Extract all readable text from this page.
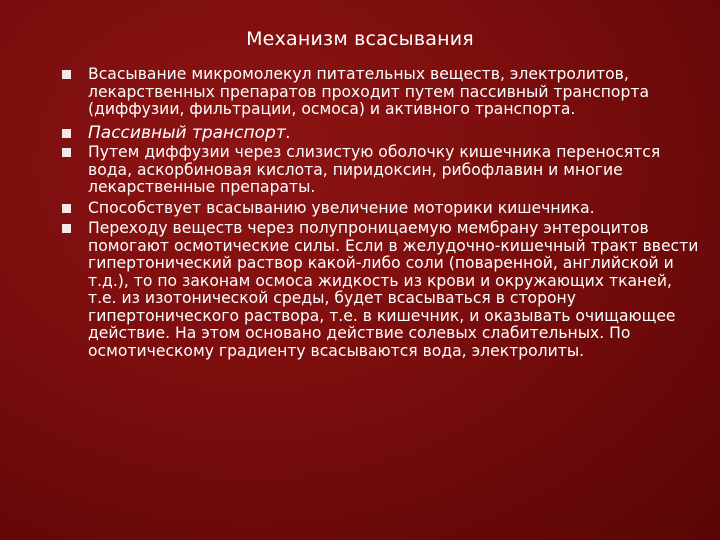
Механизм всасывания
Всасывание микромолекул питательных веществ, электролитов, лекарственных препаратов проходит путем пассивный транспорта (диффузии, фильтрации, осмоса) и активного транспорта.
Пассивный транспорт.
Путем диффузии через слизистую оболочку кишечника переносятся вода, аскорбиновая кислота, пиридоксин, рибофлавин и многие лекарственные препараты.
Способствует всасыванию увеличение моторики кишечника.
Переходу веществ через полупроницаемую мембрану энтероцитов помогают осмотические силы. Если в желудочно-кишечный тракт ввести гипертонический раствор какой-либо соли (поваренной, английской и т.д.), то по законам осмоса жидкость из крови и окружающих тканей, т.е. из изотонической среды, будет всасываться в сторону гипертонического раствора, т.е. в кишечник, и оказывать очищающее действие. На этом основано действие солевых слабительных. По осмотическому градиенту всасываются вода, электролиты.
